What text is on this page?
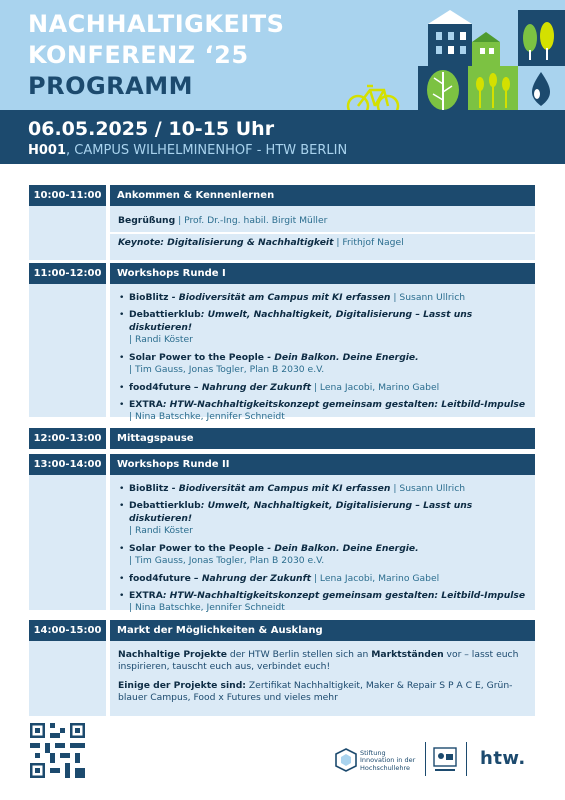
NACHHALTIGKEITS
KONFERENZ ‘25
PROGRAMM
06.05.2025 / 10-15 Uhr
H001, CAMPUS WILHELMINENHOF - HTW BERLIN
10:00-11:00	Ankommen & Kennenlernen
Begrüßung | Prof. Dr.-Ing. habil. Birgit Müller
Keynote: Digitalisierung & Nachhaltigkeit | Frithjof Nagel
11:00-12:00	Workshops Runde I
• BioBlitz - Biodiversität am Campus mit KI erfassen | Susann Ullrich
• Debattierklub: Umwelt, Nachhaltigkeit, Digitalisierung – Lasst uns diskutieren!
| Randi Köster
• Solar Power to the People - Dein Balkon. Deine Energie.
| Tim Gauss, Jonas Togler, Plan B 2030 e.V.
• food4future – Nahrung der Zukunft | Lena Jacobi, Marino Gabel
• EXTRA: HTW-Nachhaltigkeitskonzept gemeinsam gestalten: Leitbild-Impulse
| Nina Batschke, Jennifer Schneidt
12:00-13:00	Mittagspause
13:00-14:00	Workshops Runde II
• BioBlitz - Biodiversität am Campus mit KI erfassen | Susann Ullrich
• Debattierklub: Umwelt, Nachhaltigkeit, Digitalisierung – Lasst uns diskutieren!
| Randi Köster
• Solar Power to the People - Dein Balkon. Deine Energie.
| Tim Gauss, Jonas Togler, Plan B 2030 e.V.
• food4future – Nahrung der Zukunft | Lena Jacobi, Marino Gabel
• EXTRA: HTW-Nachhaltigkeitskonzept gemeinsam gestalten: Leitbild-Impulse
| Nina Batschke, Jennifer Schneidt
14:00-15:00	Markt der Möglichkeiten & Ausklang
Nachhaltige Projekte der HTW Berlin stellen sich an Marktständen vor – lasst euch inspirieren, tauscht euch aus, verbindet euch!
Einige der Projekte sind: Zertifikat Nachhaltigkeit, Maker & Repair S P A C E, Grün-blauer Campus, Food x Futures und vieles mehr
Stiftung Innovation in der Hochschullehre	htw.
